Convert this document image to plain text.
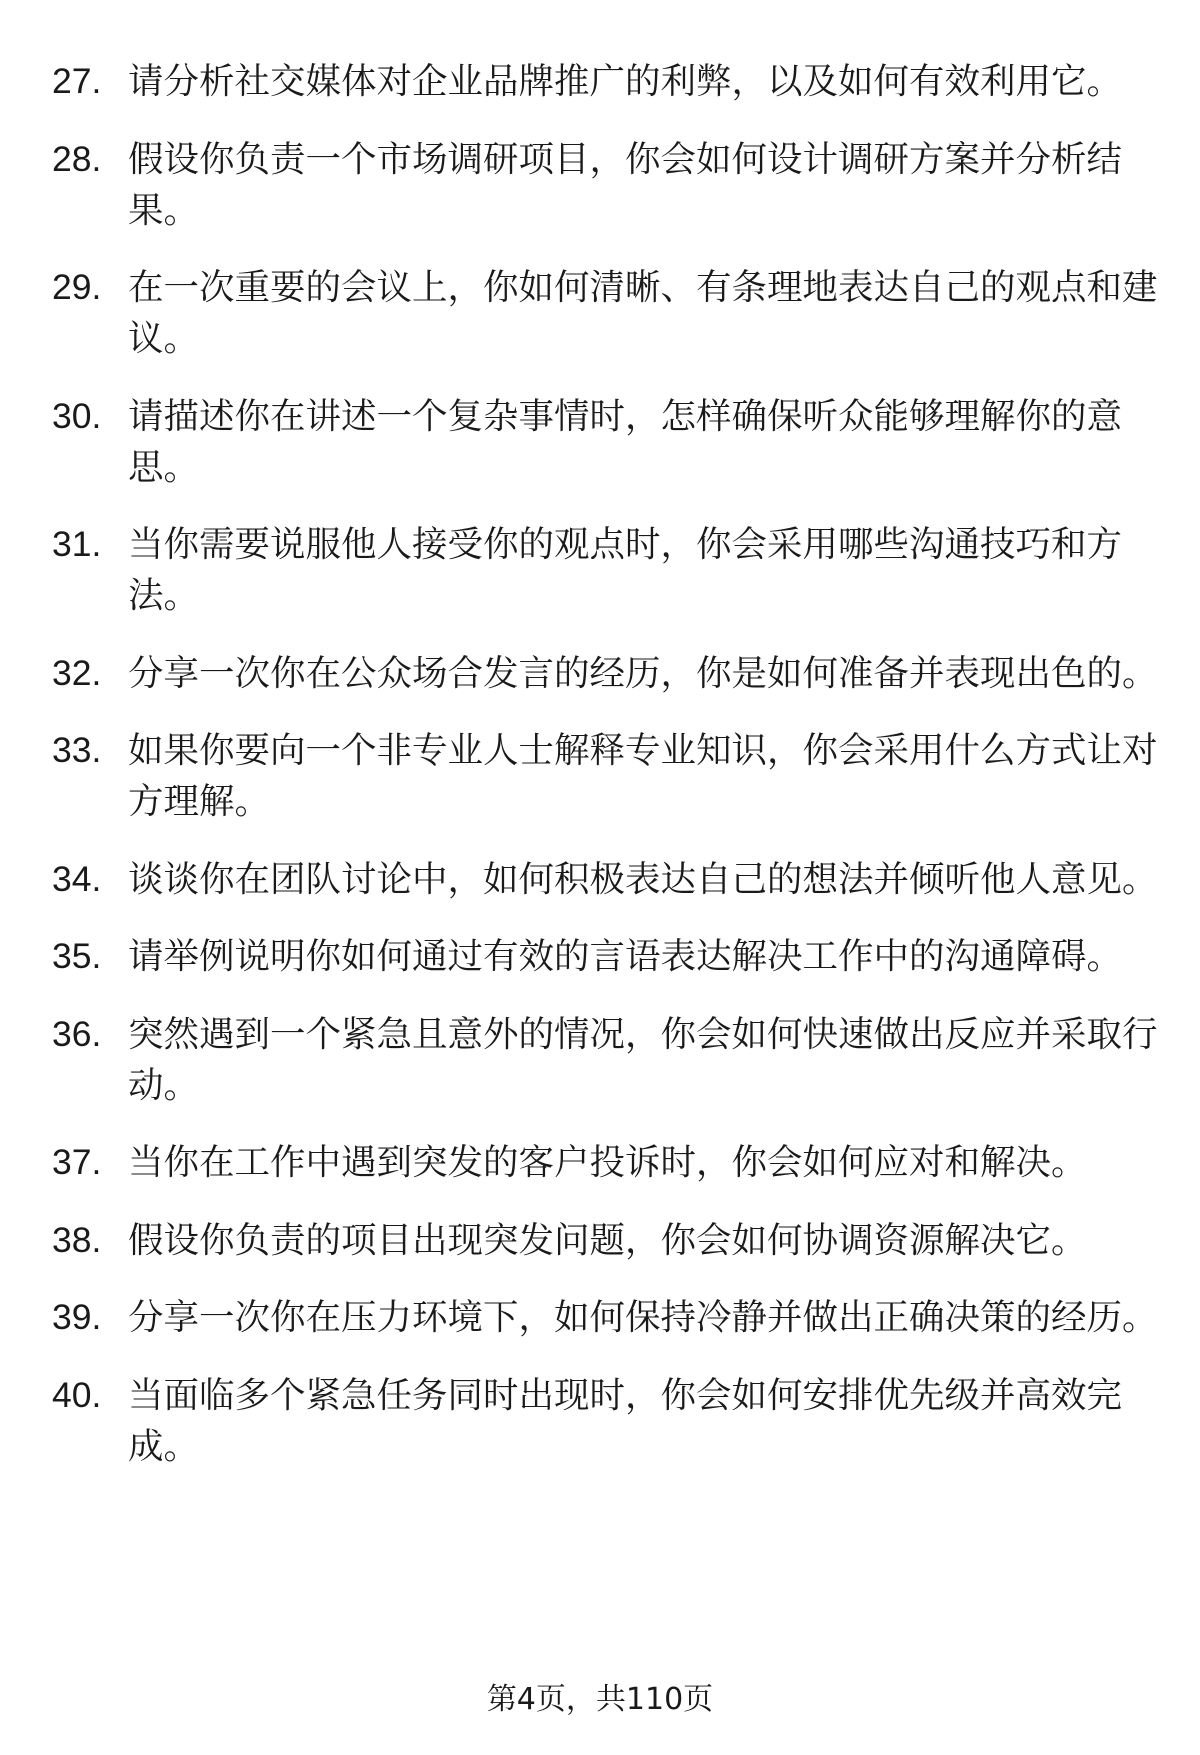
27. 请分析社交媒体对企业品牌推广的利弊，以及如何有效利用它。
28. 假设你负责一个市场调研项目，你会如何设计调研方案并分析结果。
29. 在一次重要的会议上，你如何清晰、有条理地表达自己的观点和建议。
30. 请描述你在讲述一个复杂事情时，怎样确保听众能够理解你的意思。
31. 当你需要说服他人接受你的观点时，你会采用哪些沟通技巧和方法。
32. 分享一次你在公众场合发言的经历，你是如何准备并表现出色的。
33. 如果你要向一个非专业人士解释专业知识，你会采用什么方式让对方理解。
34. 谈谈你在团队讨论中，如何积极表达自己的想法并倾听他人意见。
35. 请举例说明你如何通过有效的言语表达解决工作中的沟通障碍。
36. 突然遇到一个紧急且意外的情况，你会如何快速做出反应并采取行动。
37. 当你在工作中遇到突发的客户投诉时，你会如何应对和解决。
38. 假设你负责的项目出现突发问题，你会如何协调资源解决它。
39. 分享一次你在压力环境下，如何保持冷静并做出正确决策的经历。
40. 当面临多个紧急任务同时出现时，你会如何安排优先级并高效完成。
第4页，共110页
